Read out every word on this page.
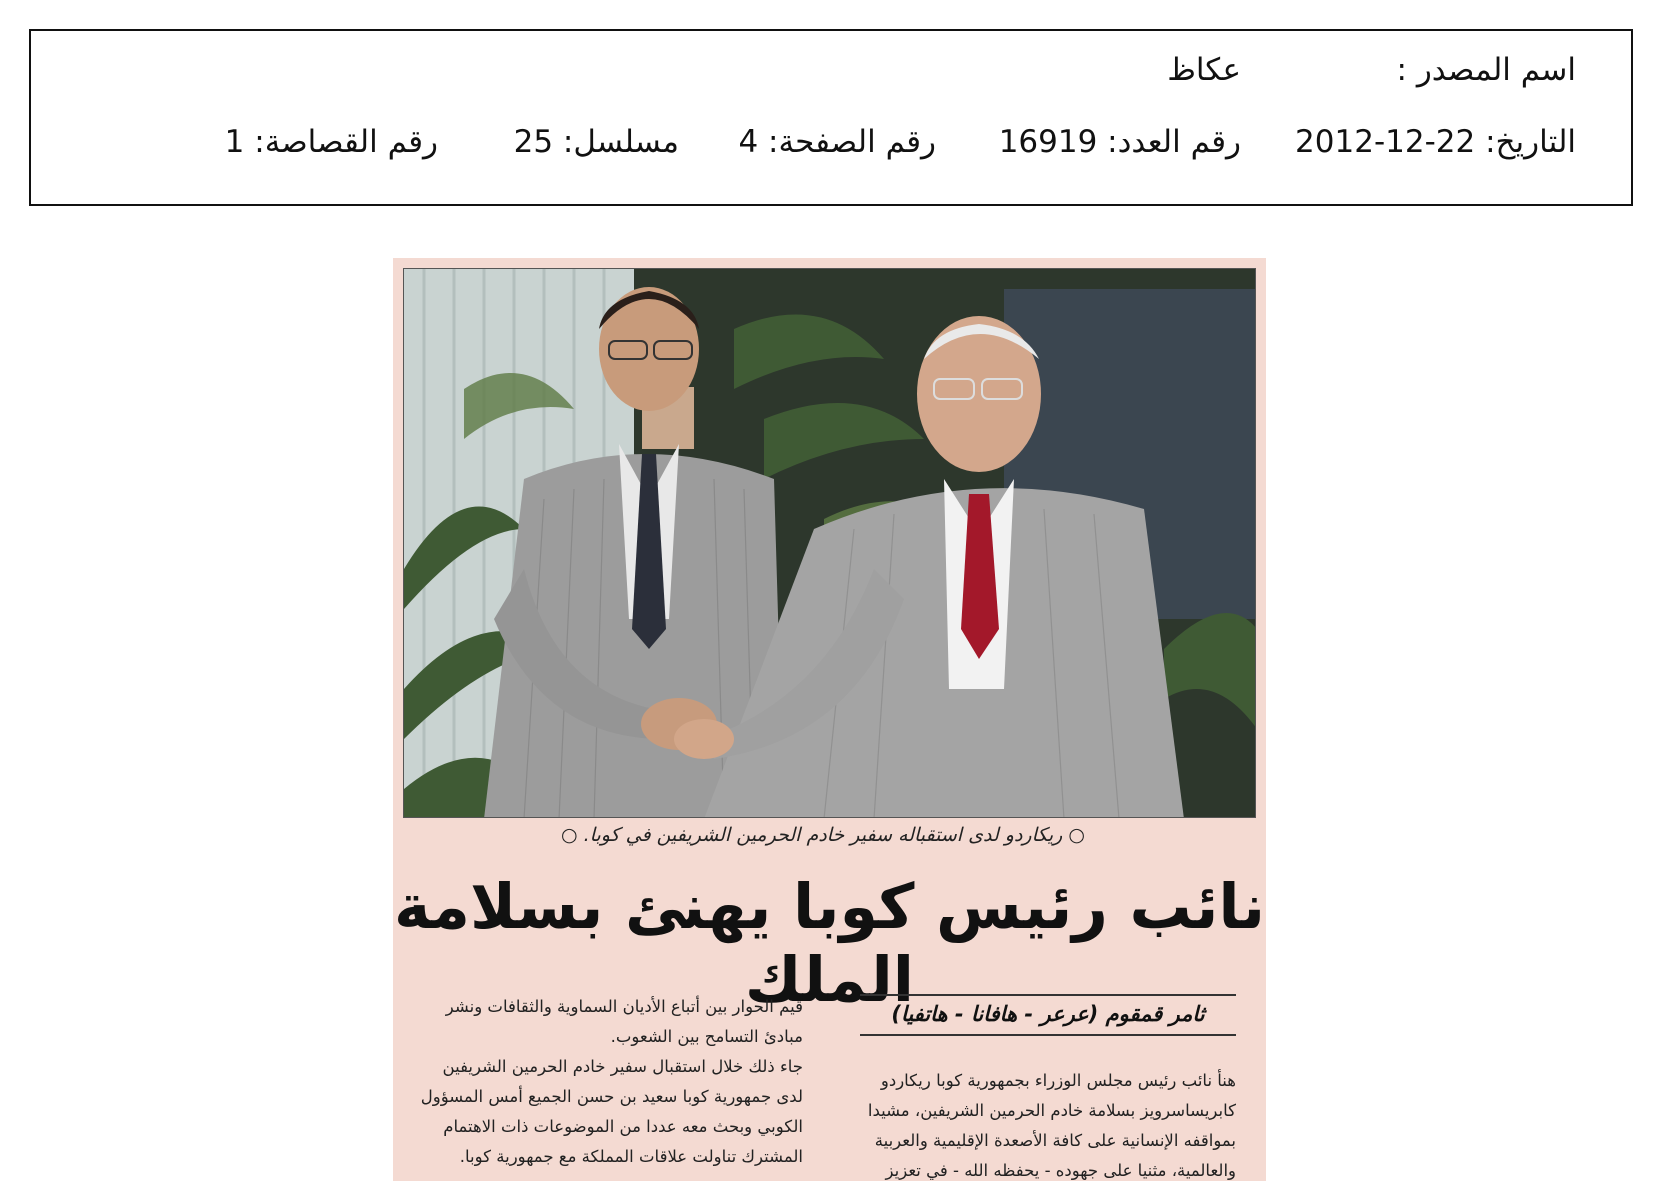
اسم المصدر :
عكاظ
التاريخ: 22-12-2012
رقم العدد: 16919
رقم الصفحة: 4
مسلسل: 25
رقم القصاصة: 1
○ ريكاردو لدى استقباله سفير خادم الحرمين الشريفين في كوبا. ○
نائب رئيس كوبا يهنئ بسلامة الملك
ثامر قمقوم (عرعر - هافانا - هاتفيا)
هنأ نائب رئيس مجلس الوزراء بجمهورية كوبا ريكاردو
كابريساسرويز بسلامة خادم الحرمين الشريفين، مشيدا
بمواقفه الإنسانية على كافة الأصعدة الإقليمية والعربية
والعالمية، مثنيا على جهوده - يحفظه الله - في تعزيز
قيم الحوار بين أتباع الأديان السماوية والثقافات ونشر
مبادئ التسامح بين الشعوب.
جاء ذلك خلال استقبال سفير خادم الحرمين الشريفين
لدى جمهورية كوبا سعيد بن حسن الجميع أمس المسؤول
الكوبي وبحث معه عددا من الموضوعات ذات الاهتمام
المشترك تناولت علاقات المملكة مع جمهورية كوبا.
